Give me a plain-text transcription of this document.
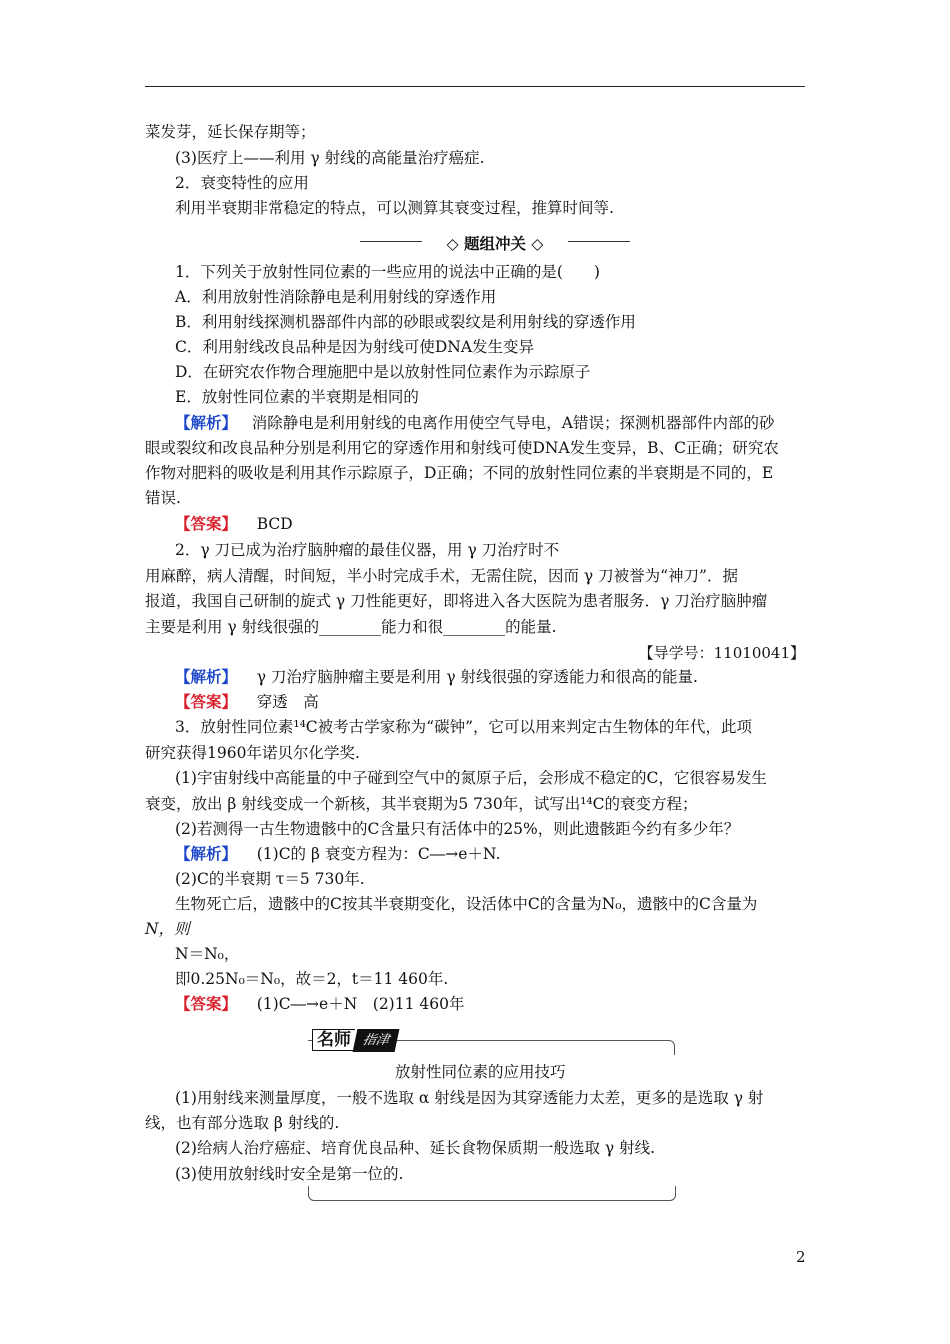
菜发芽，延长保存期等；
(3)医疗上——利用 γ 射线的高能量治疗癌症.
2．衰变特性的应用
利用半衰期非常稳定的特点，可以测算其衰变过程，推算时间等.
1．下列关于放射性同位素的一些应用的说法中正确的是(　　)
A．利用放射性消除静电是利用射线的穿透作用
B．利用射线探测机器部件内部的砂眼或裂纹是利用射线的穿透作用
C．利用射线改良品种是因为射线可使DNA发生变异
D．在研究农作物合理施肥中是以放射性同位素作为示踪原子
E．放射性同位素的半衰期是相同的
◇ 题组冲关 ◇
【解析】 消除静电是利用射线的电离作用使空气导电，A错误；探测机器部件内部的砂
眼或裂纹和改良品种分别是利用它的穿透作用和射线可使DNA发生变异，B、C正确；研究农
作物对肥料的吸收是利用其作示踪原子，D正确；不同的放射性同位素的半衰期是不同的，E
错误.
【答案】 BCD
2．γ 刀已成为治疗脑肿瘤的最佳仪器，用 γ 刀治疗时不
用麻醉，病人清醒，时间短，半小时完成手术，无需住院，因而 γ 刀被誉为“神刀”．据
报道，我国自己研制的旋式 γ 刀性能更好，即将进入各大医院为患者服务．γ 刀治疗脑肿瘤
主要是利用 γ 射线很强的________能力和很________的能量.
【导学号：11010041】
【解析】 γ 刀治疗脑肿瘤主要是利用 γ 射线很强的穿透能力和很高的能量.
【答案】 穿透　高
3．放射性同位素¹⁴C被考古学家称为“碳钟”，它可以用来判定古生物体的年代，此项
研究获得1960年诺贝尔化学奖.
(1)宇宙射线中高能量的中子碰到空气中的氮原子后，会形成不稳定的C，它很容易发生
衰变，放出 β 射线变成一个新核，其半衰期为5 730年，试写出¹⁴C的衰变方程；
(2)若测得一古生物遗骸中的C含量只有活体中的25%，则此遗骸距今约有多少年？
【解析】 (1)C的 β 衰变方程为：C―→e＋N.
(2)C的半衰期 τ＝5 730年.
生物死亡后，遗骸中的C按其半衰期变化，设活体中C的含量为N₀，遗骸中的C含量为
N，则
N＝N₀，
即0.25N₀＝N₀，故＝2，t＝11 460年.
【答案】 (1)C―→e＋N　(2)11 460年
名师 指津
放射性同位素的应用技巧
(1)用射线来测量厚度，一般不选取 α 射线是因为其穿透能力太差，更多的是选取 γ 射
线，也有部分选取 β 射线的.
(2)给病人治疗癌症、培育优良品种、延长食物保质期一般选取 γ 射线.
(3)使用放射线时安全是第一位的.
2
